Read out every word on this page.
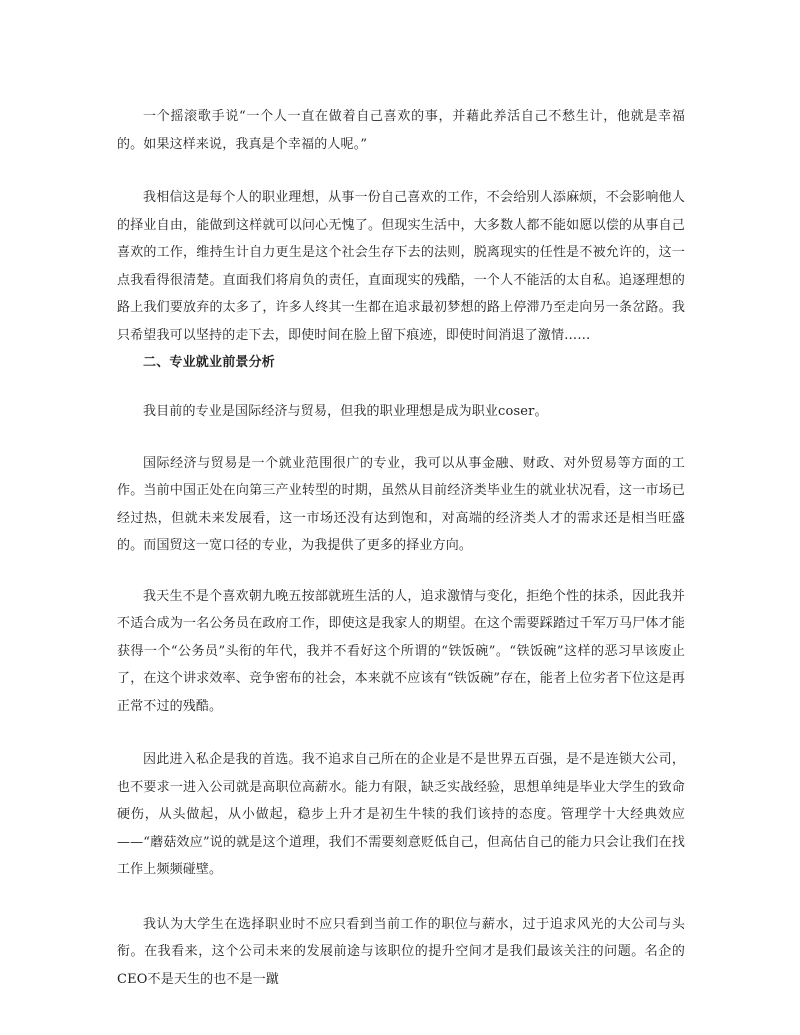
一个摇滚歌手说“一个人一直在做着自己喜欢的事，并藉此养活自己不愁生计，他就是幸福的。如果这样来说，我真是个幸福的人呢。”

我相信这是每个人的职业理想，从事一份自己喜欢的工作，不会给别人添麻烦，不会影响他人的择业自由，能做到这样就可以问心无愧了。但现实生活中，大多数人都不能如愿以偿的从事自己喜欢的工作，维持生计自力更生是这个社会生存下去的法则，脱离现实的任性是不被允许的，这一点我看得很清楚。直面我们将肩负的责任，直面现实的残酷，一个人不能活的太自私。追逐理想的路上我们要放弃的太多了，许多人终其一生都在追求最初梦想的路上停滞乃至走向另一条岔路。我只希望我可以坚持的走下去，即使时间在脸上留下痕迹，即使时间消退了激情……

二、专业就业前景分析

我目前的专业是国际经济与贸易，但我的职业理想是成为职业coser。

国际经济与贸易是一个就业范围很广的专业，我可以从事金融、财政、对外贸易等方面的工作。当前中国正处在向第三产业转型的时期，虽然从目前经济类毕业生的就业状况看，这一市场已经过热，但就未来发展看，这一市场还没有达到饱和，对高端的经济类人才的需求还是相当旺盛的。而国贸这一宽口径的专业，为我提供了更多的择业方向。

我天生不是个喜欢朝九晚五按部就班生活的人，追求激情与变化，拒绝个性的抹杀，因此我并不适合成为一名公务员在政府工作，即使这是我家人的期望。在这个需要踩踏过千军万马尸体才能获得一个“公务员”头衔的年代，我并不看好这个所谓的“铁饭碗”。“铁饭碗”这样的恶习早该废止了，在这个讲求效率、竞争密布的社会，本来就不应该有“铁饭碗”存在，能者上位劣者下位这是再正常不过的残酷。

因此进入私企是我的首选。我不追求自己所在的企业是不是世界五百强，是不是连锁大公司，也不要求一进入公司就是高职位高薪水。能力有限，缺乏实战经验，思想单纯是毕业大学生的致命硬伤，从头做起，从小做起，稳步上升才是初生牛犊的我们该持的态度。管理学十大经典效应——“蘑菇效应”说的就是这个道理，我们不需要刻意贬低自己，但高估自己的能力只会让我们在找工作上频频碰壁。

我认为大学生在选择职业时不应只看到当前工作的职位与薪水，过于追求风光的大公司与头衔。在我看来，这个公司未来的发展前途与该职位的提升空间才是我们最该关注的问题。名企的CEO不是天生的也不是一蹴
